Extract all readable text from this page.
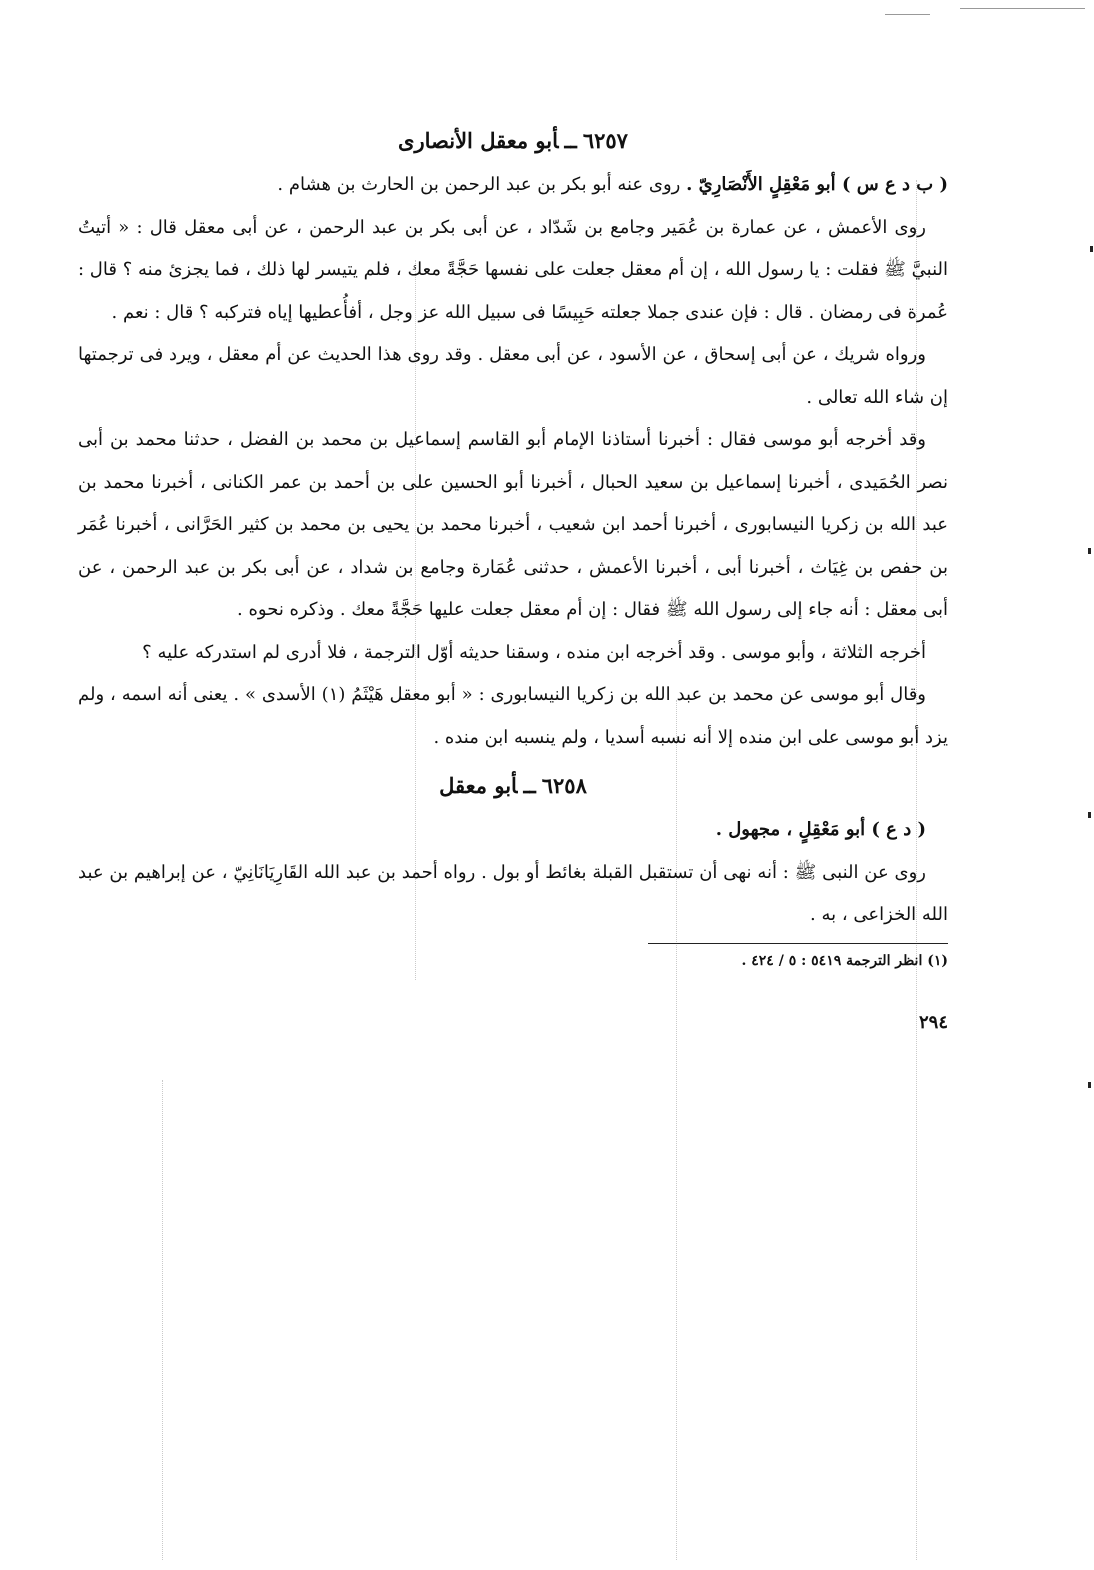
٦٢٥٧ــأبو معقل الأنصارى

( ب د ع س ) أبو مَعْقِلٍ الأَنْصَارِيّ . روى عنه أبو بكر بن عبد الرحمن بن الحارث بن هشام .

روى الأعمش ، عن عمارة بن عُمَير وجامع بن شَدّاد ، عن أبى بكر بن عبد الرحمن ، عن أبى معقل قال : « أتيتُ النبيَّ ﷺ فقلت : يا رسول الله ، إن أم معقل جعلت على نفسها حَجَّةً معك ، فلم يتيسر لها ذلك ، فما يجزئ منه ؟ قال : عُمرة فى رمضان . قال : فإن عندى جملا جعلته حَبِيسًا فى سبيل الله عز وجل ، أفأُعطيها إياه فتركبه ؟ قال : نعم .

ورواه شريك ، عن أبى إسحاق ، عن الأسود ، عن أبى معقل . وقد روى هذا الحديث عن أم معقل ، ويرد فى ترجمتها إن شاء الله تعالى .

وقد أخرجه أبو موسى فقال : أخبرنا أستاذنا الإمام أبو القاسم إسماعيل بن محمد بن الفضل ، حدثنا محمد بن أبى نصر الحُمَيدى ، أخبرنا إسماعيل بن سعيد الحبال ، أخبرنا أبو الحسين على بن أحمد بن عمر الكنانى ، أخبرنا محمد بن عبد الله بن زكريا النيسابورى ، أخبرنا أحمد ابن شعيب ، أخبرنا محمد بن يحيى بن محمد بن كثير الحَرَّانى ، أخبرنا عُمَر بن حفص بن غِيَاث ، أخبرنا أبى ، أخبرنا الأعمش ، حدثنى عُمَارة وجامع بن شداد ، عن أبى بكر بن عبد الرحمن ، عن أبى معقل : أنه جاء إلى رسول الله ﷺ فقال : إن أم معقل جعلت عليها حَجَّةً معك . وذكره نحوه .

أخرجه الثلاثة ، وأبو موسى . وقد أخرجه ابن منده ، وسقنا حديثه أوّل الترجمة ، فلا أدرى لم استدركه عليه ؟

وقال أبو موسى عن محمد بن عبد الله بن زكريا النيسابورى : « أبو معقل هَيْثَمُ (١) الأسدى » . يعنى أنه اسمه ، ولم يزد أبو موسى على ابن منده إلا أنه نسبه أسديا ، ولم ينسبه ابن منده .

٦٢٥٨ــأبو معقل

( د ع ) أبو مَعْقِلٍ ، مجهول .

روى عن النبى ﷺ : أنه نهى أن تستقبل القبلة بغائط أو بول . رواه أحمد بن عبد الله القَارِيَانَانِيّ ، عن إبراهيم بن عبد الله الخزاعى ، به .

(١) انظر الترجمة ٥٤١٩ : ٥ / ٤٢٤ .

٢٩٤
